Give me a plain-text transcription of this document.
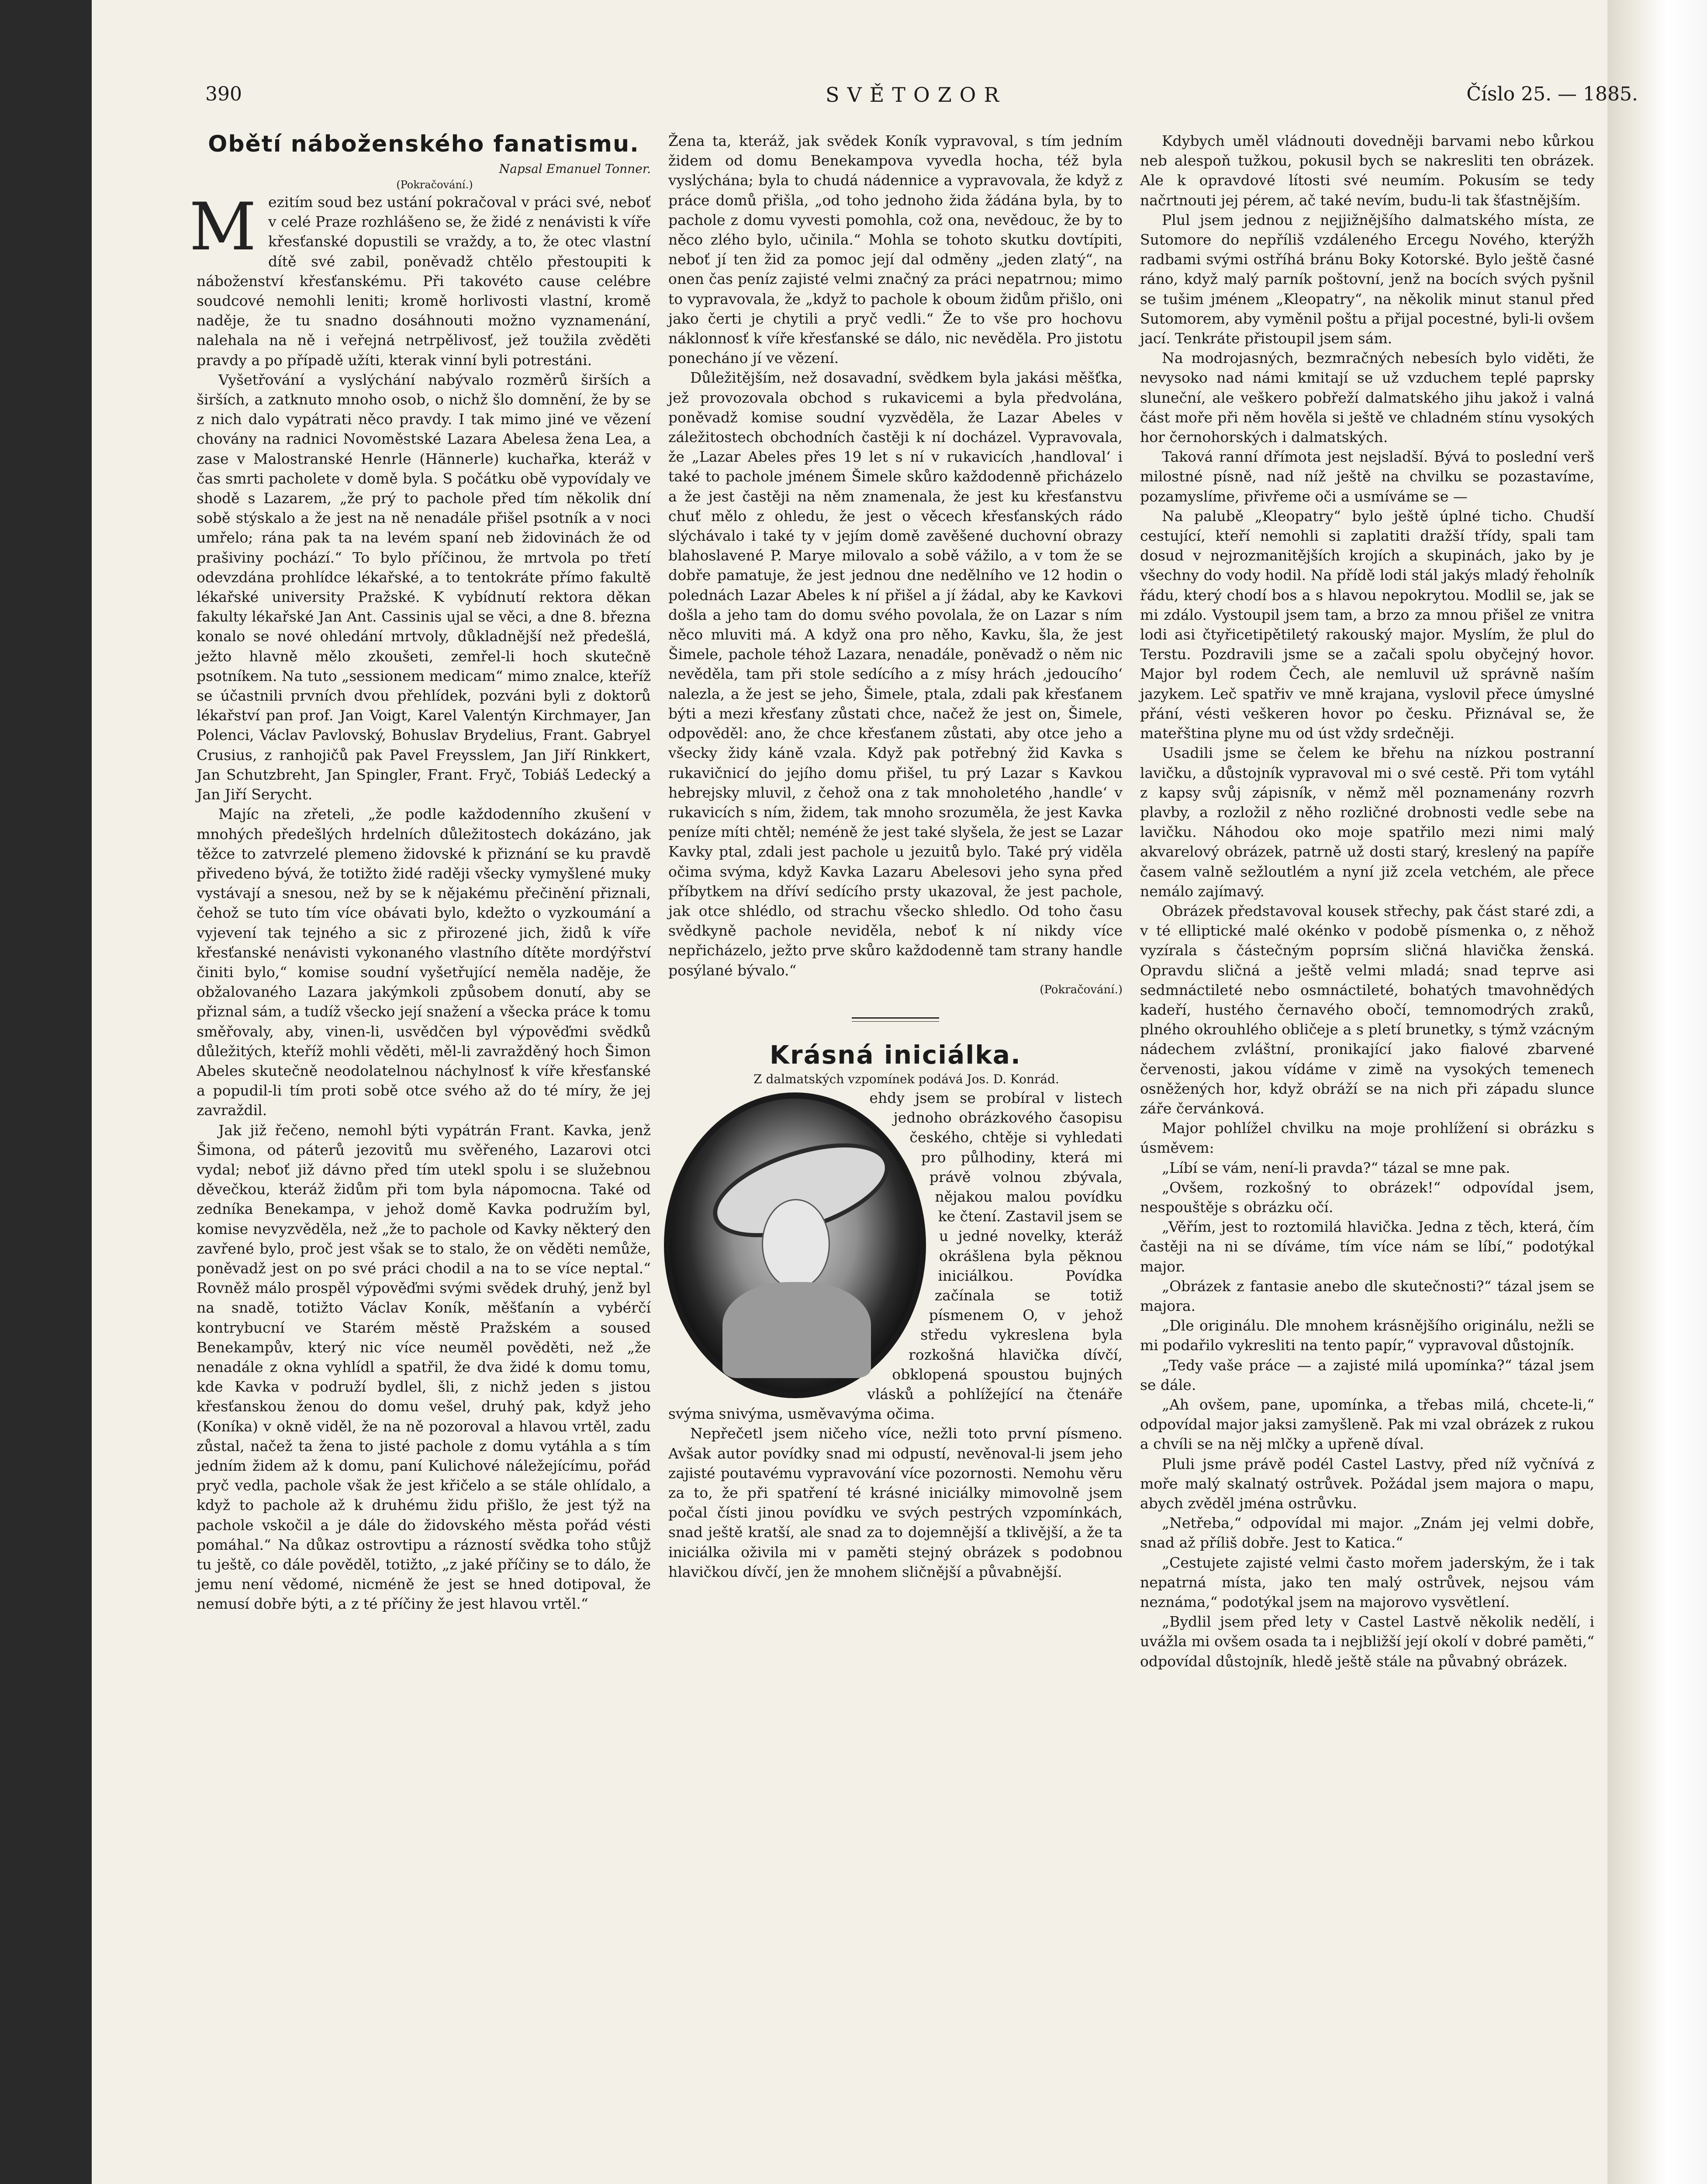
390	SVĚTOZOR	Číslo 25. — 1885.
Obětí náboženského fanatismu.

Napsal Emanuel Tonner.

(Pokračování.)

M ezitím soud bez ustání pokračoval v práci své, neboť v celé Praze rozhlášeno se, že židé z nenávisti k víře křesťanské dopustili se vraždy, a to, že otec vlastní dítě své zabil, poněvadž chtělo přestoupiti k náboženství křesťanskému. Při takovéto cause celébre soudcové nemohli leniti; kromě horlivosti vlastní, kromě naděje, že tu snadno dosáhnouti možno vyznamenání, nalehala na ně i veřejná netrpělivosť, jež toužila zvěděti pravdy a po případě užíti, kterak vinní byli potrestáni.

Vyšetřování a vyslýchání nabývalo rozměrů širších a širších, a zatknuto mnoho osob, o nichž šlo domnění, že by se z nich dalo vypátrati něco pravdy. I tak mimo jiné ve vězení chovány na radnici Novoměstské Lazara Abelesa žena Lea, a zase v Malostranské Henrle (Hännerle) kuchařka, kteráž v čas smrti pacholete v domě byla. S počátku obě vypovídaly ve shodě s Lazarem, „že prý to pachole před tím několik dní sobě stýskalo a že jest na ně nenadále přišel psotník a v noci umřelo; rána pak ta na levém spaní neb židovinách že od prašiviny pochází.“ To bylo příčinou, že mrtvola po třetí odevzdána prohlídce lékařské, a to tentokráte přímo fakultě lékařské university Pražské. K vybídnutí rektora děkan fakulty lékařské Jan Ant. Cassinis ujal se věci, a dne 8. března konalo se nové ohledání mrtvoly, důkladnější než předešlá, ježto hlavně mělo zkoušeti, zemřel-li hoch skutečně psotníkem. Na tuto „sessionem medicam“ mimo znalce, kteříž se účastnili prvních dvou přehlídek, pozváni byli z doktorů lékařství pan prof. Jan Voigt, Karel Valentýn Kirchmayer, Jan Polenci, Václav Pavlovský, Bohuslav Brydelius, Frant. Gabryel Crusius, z ranhojičů pak Pavel Freysslem, Jan Jiří Rinkkert, Jan Schutzbreht, Jan Spingler, Frant. Fryč, Tobiáš Ledecký a Jan Jiří Serycht.

Majíc na zřeteli, „že podle každodenního zkušení v mnohých předešlých hrdelních důležitostech dokázáno, jak těžce to zatvrzelé plemeno židovské k přiznání se ku pravdě přivedeno bývá, že totižto židé raději všecky vymyšlené muky vystávají a snesou, než by se k nějakému přečinění přiznali, čehož se tuto tím více obávati bylo, kdežto o vyzkoumání a vyjevení tak tejného a sic z přirozené jich, židů k víře křesťanské nenávisti vykonaného vlastního dítěte mordýřství činiti bylo,“ komise soudní vyšetřující neměla naděje, že obžalovaného Lazara jakýmkoli způsobem donutí, aby se přiznal sám, a tudíž všecko její snažení a všecka práce k tomu směřovaly, aby, vinen-li, usvědčen byl výpověďmi svědků důležitých, kteříž mohli věděti, měl-li zavražděný hoch Šimon Abeles skutečně neodolatelnou náchylnosť k víře křesťanské a popudil-li tím proti sobě otce svého až do té míry, že jej zavraždil.

Jak již řečeno, nemohl býti vypátrán Frant. Kavka, jenž Šimona, od páterů jezovitů mu svěřeného, Lazarovi otci vydal; neboť již dávno před tím utekl spolu i se služebnou děvečkou, kteráž židům při tom byla nápomocna. Také od zedníka Benekampa, v jehož domě Kavka podružím byl, komise nevyzvěděla, než „že to pachole od Kavky některý den zavřené bylo, proč jest však se to stalo, že on věděti nemůže, poněvadž jest on po své práci chodil a na to se více neptal.“ Rovněž málo prospěl výpověďmi svými svědek druhý, jenž byl na snadě, totižto Václav Koník, měšťanín a vybérčí kontrybucní ve Starém městě Pražském a soused Benekampův, který nic více neuměl pověděti, než „že nenadále z okna vyhlídl a spatřil, že dva židé k domu tomu, kde Kavka v podruží bydlel, šli, z nichž jeden s jistou křesťanskou ženou do domu vešel, druhý pak, když jeho (Koníka) v okně viděl, že na ně pozoroval a hlavou vrtěl, zadu zůstal, načež ta žena to jisté pachole z domu vytáhla a s tím jedním židem až k domu, paní Kulichové náležejícímu, pořád pryč vedla, pachole však že jest křičelo a se stále ohlídalo, a když to pachole až k druhému židu přišlo, že jest týž na pachole vskočil a je dále do židovského města pořád vésti pomáhal.“ Na důkaz ostrovtipu a rázností svědka toho stůjž tu ještě, co dále pověděl, totižto, „z jaké příčiny se to dálo, že jemu není vědomé, nicméně že jest se hned dotipoval, že nemusí dobře býti, a z té příčiny že jest hlavou vrtěl.“

Žena ta, kteráž, jak svědek Koník vypravoval, s tím jedním židem od domu Benekampova vyvedla hocha, též byla vyslýchána; byla to chudá nádennice a vypravovala, že když z práce domů přišla, „od toho jednoho žida žádána byla, by to pachole z domu vyvesti pomohla, což ona, nevědouc, že by to něco zlého bylo, učinila.“ Mohla se tohoto skutku dovtípiti, neboť jí ten žid za pomoc její dal odměny „jeden zlatý“, na onen čas peníz zajisté velmi značný za práci nepatrnou; mimo to vypravovala, že „když to pachole k oboum židům přišlo, oni jako čerti je chytili a pryč vedli.“ Že to vše pro hochovu náklonnosť k víře křesťanské se dálo, nic nevěděla. Pro jistotu ponecháno jí ve vězení.

Důležitějším, než dosavadní, svědkem byla jakási měšťka, jež provozovala obchod s rukavicemi a byla předvolána, poněvadž komise soudní vyzvěděla, že Lazar Abeles v záležitostech obchodních častěji k ní docházel. Vypravovala, že „Lazar Abeles přes 19 let s ní v rukavicích ‚handloval‘ i také to pachole jménem Šimele skůro každodenně přicházelo a že jest častěji na něm znamenala, že jest ku křesťanstvu chuť mělo z ohledu, že jest o věcech křesťanských rádo slýchávalo i také ty v jejím domě zavěšené duchovní obrazy blahoslavené P. Marye milovalo a sobě vážilo, a v tom že se dobře pamatuje, že jest jednou dne nedělního ve 12 hodin o polednách Lazar Abeles k ní přišel a jí žádal, aby ke Kavkovi došla a jeho tam do domu svého povolala, že on Lazar s ním něco mluviti má. A když ona pro něho, Kavku, šla, že jest Šimele, pachole téhož Lazara, nenadále, poněvadž o něm nic nevěděla, tam při stole sedícího a z mísy hrách ‚jedoucího‘ nalezla, a že jest se jeho, Šimele, ptala, zdali pak křesťanem býti a mezi křesťany zůstati chce, načež že jest on, Šimele, odpověděl: ano, že chce křesťanem zůstati, aby otce jeho a všecky židy káně vzala. Když pak potřebný žid Kavka s rukavičnicí do jejího domu přišel, tu prý Lazar s Kavkou hebrejsky mluvil, z čehož ona z tak mnoholetého ‚handle‘ v rukavicích s ním, židem, tak mnoho srozuměla, že jest Kavka peníze míti chtěl; neméně že jest také slyšela, že jest se Lazar Kavky ptal, zdali jest pachole u jezuitů bylo. Také prý viděla očima svýma, když Kavka Lazaru Abelesovi jeho syna před příbytkem na dříví sedícího prsty ukazoval, že jest pachole, jak otce shlédlo, od strachu všecko shledlo. Od toho času svědkyně pachole neviděla, neboť k ní nikdy více nepřicházelo, ježto prve skůro každodenně tam strany handle posýlané bývalo.“

(Pokračování.)

Krásná iniciálka.

Z dalmatských vzpomínek podává Jos. D. Konrád.

ehdy jsem se probíral v listech jednoho obrázkového časopisu českého, chtěje si vyhledati pro půlhodiny, která mi právě volnou zbývala, nějakou malou povídku ke čtení. Zastavil jsem se u jedné novelky, kteráž okrášlena byla pěknou iniciálkou. Povídka začínala se totiž písmenem O, v jehož středu vykreslena byla rozkošná hlavička dívčí, obklopená spoustou bujných vlásků a pohlížející na čtenáře svýma snivýma, usměvavýma očima.

Nepřečetl jsem ničeho více, nežli toto první písmeno. Avšak autor povídky snad mi odpustí, nevěnoval-li jsem jeho zajisté poutavému vypravování více pozornosti. Nemohu věru za to, že při spatření té krásné iniciálky mimovolně jsem počal čísti jinou povídku ve svých pestrých vzpomínkách, snad ještě kratší, ale snad za to dojemnější a tklivější, a že ta iniciálka oživila mi v paměti stejný obrázek s podobnou hlavičkou dívčí, jen že mnohem sličnější a půvabnější.

Kdybych uměl vládnouti dovedněji barvami nebo kůrkou neb alespoň tužkou, pokusil bych se nakresliti ten obrázek. Ale k opravdové lítosti své neumím. Pokusím se tedy načrtnouti jej pérem, ač také nevím, budu-li tak šťastnějším.

Plul jsem jednou z nejjižnějšího dalmatského místa, ze Sutomore do nepříliš vzdáleného Ercegu Nového, kterýžh radbami svými ostříhá bránu Boky Kotorské. Bylo ještě časné ráno, když malý parník poštovní, jenž na bocích svých pyšnil se tušim jménem „Kleopatry“, na několik minut stanul před Sutomorem, aby vyměnil poštu a přijal pocestné, byli-li ovšem jací. Tenkráte přistoupil jsem sám.

Na modrojasných, bezmračných nebesích bylo viděti, že nevysoko nad námi kmitají se už vzduchem teplé paprsky sluneční, ale veškero pobřeží dalmatského jihu jakož i valná část moře při něm hověla si ještě ve chladném stínu vysokých hor černohorských i dalmatských.

Taková ranní dřímota jest nejsladší. Bývá to poslední verš milostné písně, nad níž ještě na chvilku se pozastavíme, pozamyslíme, přivřeme oči a usmíváme se —

Na palubě „Kleopatry“ bylo ještě úplné ticho. Chudší cestující, kteří nemohli si zaplatiti dražší třídy, spali tam dosud v nejrozmanitějších krojích a skupinách, jako by je všechny do vody hodil. Na přídě lodi stál jakýs mladý řeholník řádu, který chodí bos a s hlavou nepokrytou. Modlil se, jak se mi zdálo. Vystoupil jsem tam, a brzo za mnou přišel ze vnitra lodi asi čtyřicetipětiletý rakouský major. Myslím, že plul do Terstu. Pozdravili jsme se a začali spolu obyčejný hovor. Major byl rodem Čech, ale nemluvil už správně naším jazykem. Leč spatřiv ve mně krajana, vyslovil přece úmyslné přání, vésti veškeren hovor po česku. Přiznával se, že mateřština plyne mu od úst vždy srdečněji.

Usadili jsme se čelem ke břehu na nízkou postranní lavičku, a důstojník vypravoval mi o své cestě. Při tom vytáhl z kapsy svůj zápisník, v němž měl poznamenány rozvrh plavby, a rozložil z něho rozličné drobnosti vedle sebe na lavičku. Náhodou oko moje spatřilo mezi nimi malý akvarelový obrázek, patrně už dosti starý, kreslený na papíře časem valně sežloutlém a nyní již zcela vetchém, ale přece nemálo zajímavý.

Obrázek představoval kousek střechy, pak část staré zdi, a v té elliptické malé okénko v podobě písmenka o, z něhož vyzírala s částečným poprsím sličná hlavička ženská. Opravdu sličná a ještě velmi mladá; snad teprve asi sedmnáctileté nebo osmnáctileté, bohatých tmavohnědých kadeří, hustého černavého obočí, temnomodrých zraků, plného okrouhlého obličeje a s pletí brunetky, s týmž vzácným nádechem zvláštní, pronikající jako fialové zbarvené červenosti, jakou vídáme v zimě na vysokých temenech osněžených hor, když obráží se na nich při západu slunce záře červánková.

Major pohlížel chvilku na moje prohlížení si obrázku s úsměvem:

„Líbí se vám, není-li pravda?“ tázal se mne pak.

„Ovšem, rozkošný to obrázek!“ odpovídal jsem, nespouštěje s obrázku očí.

„Věřím, jest to roztomilá hlavička. Jedna z těch, která, čím častěji na ni se díváme, tím více nám se líbí,“ podotýkal major.

„Obrázek z fantasie anebo dle skutečnosti?“ tázal jsem se majora.

„Dle originálu. Dle mnohem krásnějšího originálu, nežli se mi podařilo vykresliti na tento papír,“ vypravoval důstojník.

„Tedy vaše práce — a zajisté milá upomínka?“ tázal jsem se dále.

„Ah ovšem, pane, upomínka, a třebas milá, chcete-li,“ odpovídal major jaksi zamyšleně. Pak mi vzal obrázek z rukou a chvíli se na něj mlčky a upřeně díval.

Pluli jsme právě podél Castel Lastvy, před níž vyčnívá z moře malý skalnatý ostrůvek. Požádal jsem majora o mapu, abych zvěděl jména ostrůvku.

„Netřeba,“ odpovídal mi major. „Znám jej velmi dobře, snad až příliš dobře. Jest to Katica.“

„Cestujete zajisté velmi často mořem jaderským, že i tak nepatrná místa, jako ten malý ostrůvek, nejsou vám neznáma,“ podotýkal jsem na majorovo vysvětlení.

„Bydlil jsem před lety v Castel Lastvě několik nedělí, i uvážla mi ovšem osada ta i nejbližší její okolí v dobré paměti,“ odpovídal důstojník, hledě ještě stále na půvabný obrázek.
